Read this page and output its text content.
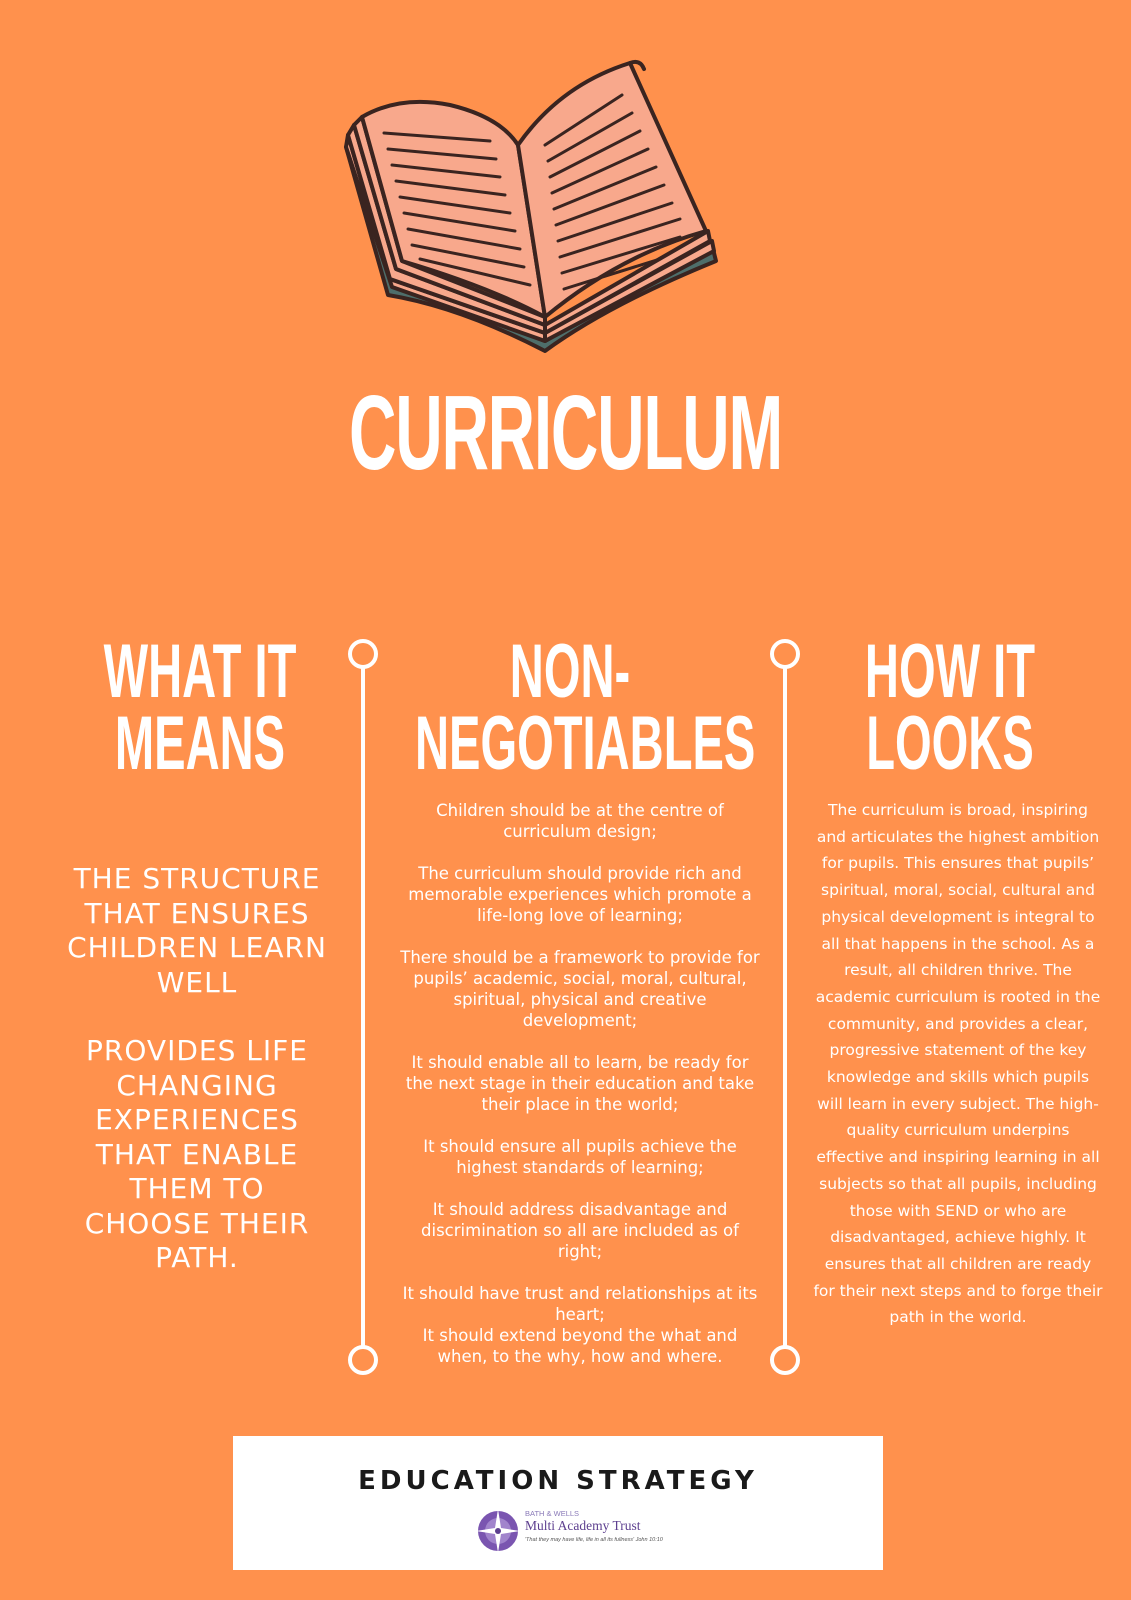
CURRICULUM
WHAT IT
MEANS
NON-
NEGOTIABLES
HOW IT
LOOKS

THE STRUCTURE THAT ENSURES CHILDREN LEARN WELL

PROVIDES LIFE CHANGING EXPERIENCES THAT ENABLE THEM TO CHOOSE THEIR PATH.

Children should be at the centre of curriculum design;

The curriculum should provide rich and memorable experiences which promote a life-long love of learning;

There should be a framework to provide for pupils’ academic, social, moral, cultural, spiritual, physical and creative development;

It should enable all to learn, be ready for the next stage in their education and take their place in the world;

It should ensure all pupils achieve the highest standards of learning;

It should address disadvantage and discrimination so all are included as of right;

It should have trust and relationships at its heart;

It should extend beyond the what and when, to the why, how and where.

The curriculum is broad, inspiring and articulates the highest ambition for pupils. This ensures that pupils’ spiritual, moral, social, cultural and physical development is integral to all that happens in the school. As a result, all children thrive. The academic curriculum is rooted in the community, and provides a clear, progressive statement of the key knowledge and skills which pupils will learn in every subject. The high-quality curriculum underpins effective and inspiring learning in all subjects so that all pupils, including those with SEND or who are disadvantaged, achieve highly. It ensures that all children are ready for their next steps and to forge their path in the world.
EDUCATION STRATEGY
BATH & WELLS
Multi Academy Trust
'That they may have life, life in all its fullness' John 10:10
